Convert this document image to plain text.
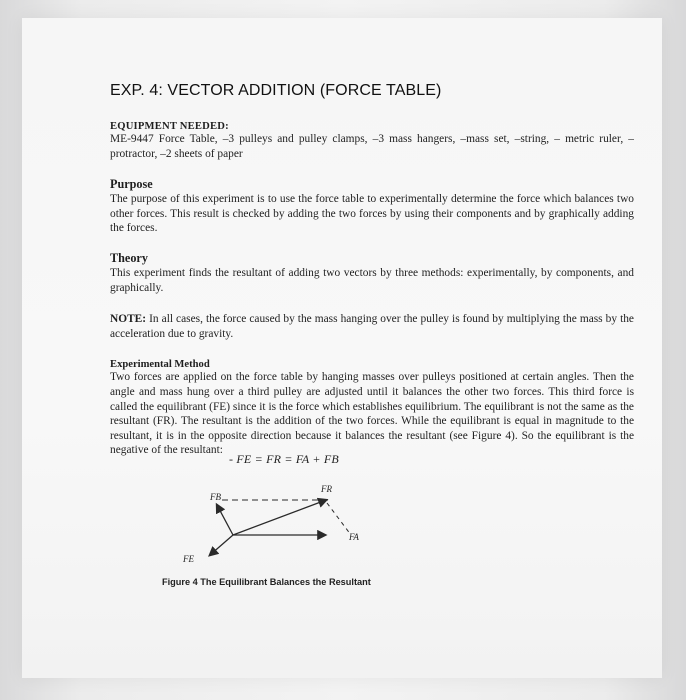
EXP. 4: VECTOR ADDITION (FORCE TABLE)
EQUIPMENT NEEDED:
ME-9447 Force Table, –3 pulleys and pulley clamps, –3 mass hangers, –mass set, –string, – metric ruler, – protractor, –2 sheets of paper
Purpose
The purpose of this experiment is to use the force table to experimentally determine the force which balances two other forces. This result is checked by adding the two forces by using their components and by graphically adding the forces.
Theory
This experiment finds the resultant of adding two vectors by three methods: experimentally, by components, and graphically.
NOTE: In all cases, the force caused by the mass hanging over the pulley is found by multiplying the mass by the acceleration due to gravity.
Experimental Method
Two forces are applied on the force table by hanging masses over pulleys positioned at certain angles. Then the angle and mass hung over a third pulley are adjusted until it balances the other two forces. This third force is called the equilibrant (FE) since it is the force which establishes equilibrium. The equilibrant is not the same as the resultant (FR). The resultant is the addition of the two forces. While the equilibrant is equal in magnitude to the resultant, it is in the opposite direction because it balances the resultant (see Figure 4). So the equilibrant is the negative of the resultant:
- FE = FR = FA + FB
FB
FR
FA
FE
Figure 4 The Equilibrant Balances the Resultant
